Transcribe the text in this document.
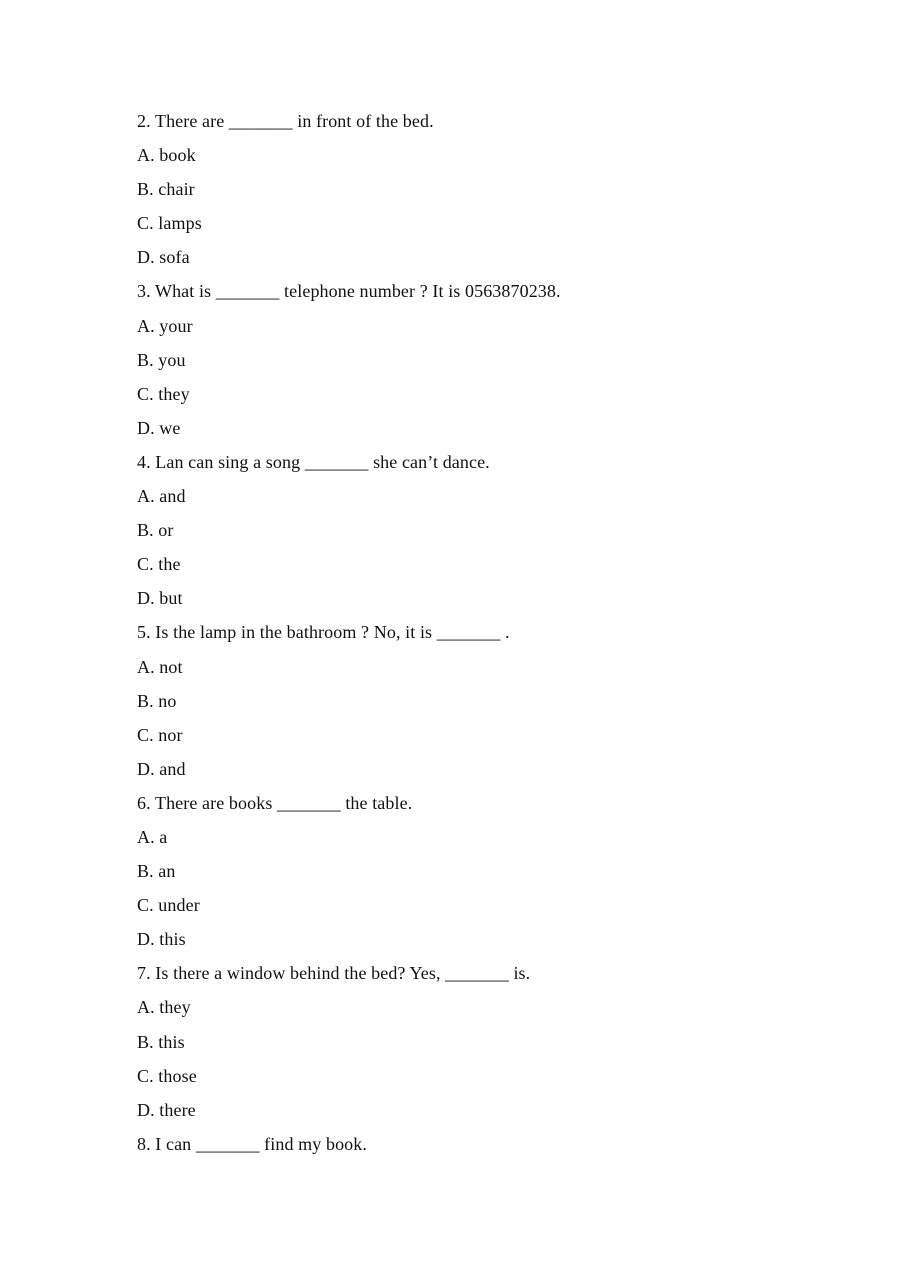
2. There are _______ in front of the bed.
A. book
B. chair
C. lamps
D. sofa
3. What is _______ telephone number ? It is 0563870238.
A. your
B. you
C. they
D. we
4. Lan can sing a song _______ she can’t dance.
A. and
B. or
C. the
D. but
5. Is the lamp in the bathroom ? No, it is _______ .
A. not
B. no
C. nor
D. and
6. There are books _______ the table.
A. a
B. an
C. under
D. this
7. Is there a window behind the bed? Yes, _______ is.
A. they
B. this
C. those
D. there
8. I can _______ find my book.
